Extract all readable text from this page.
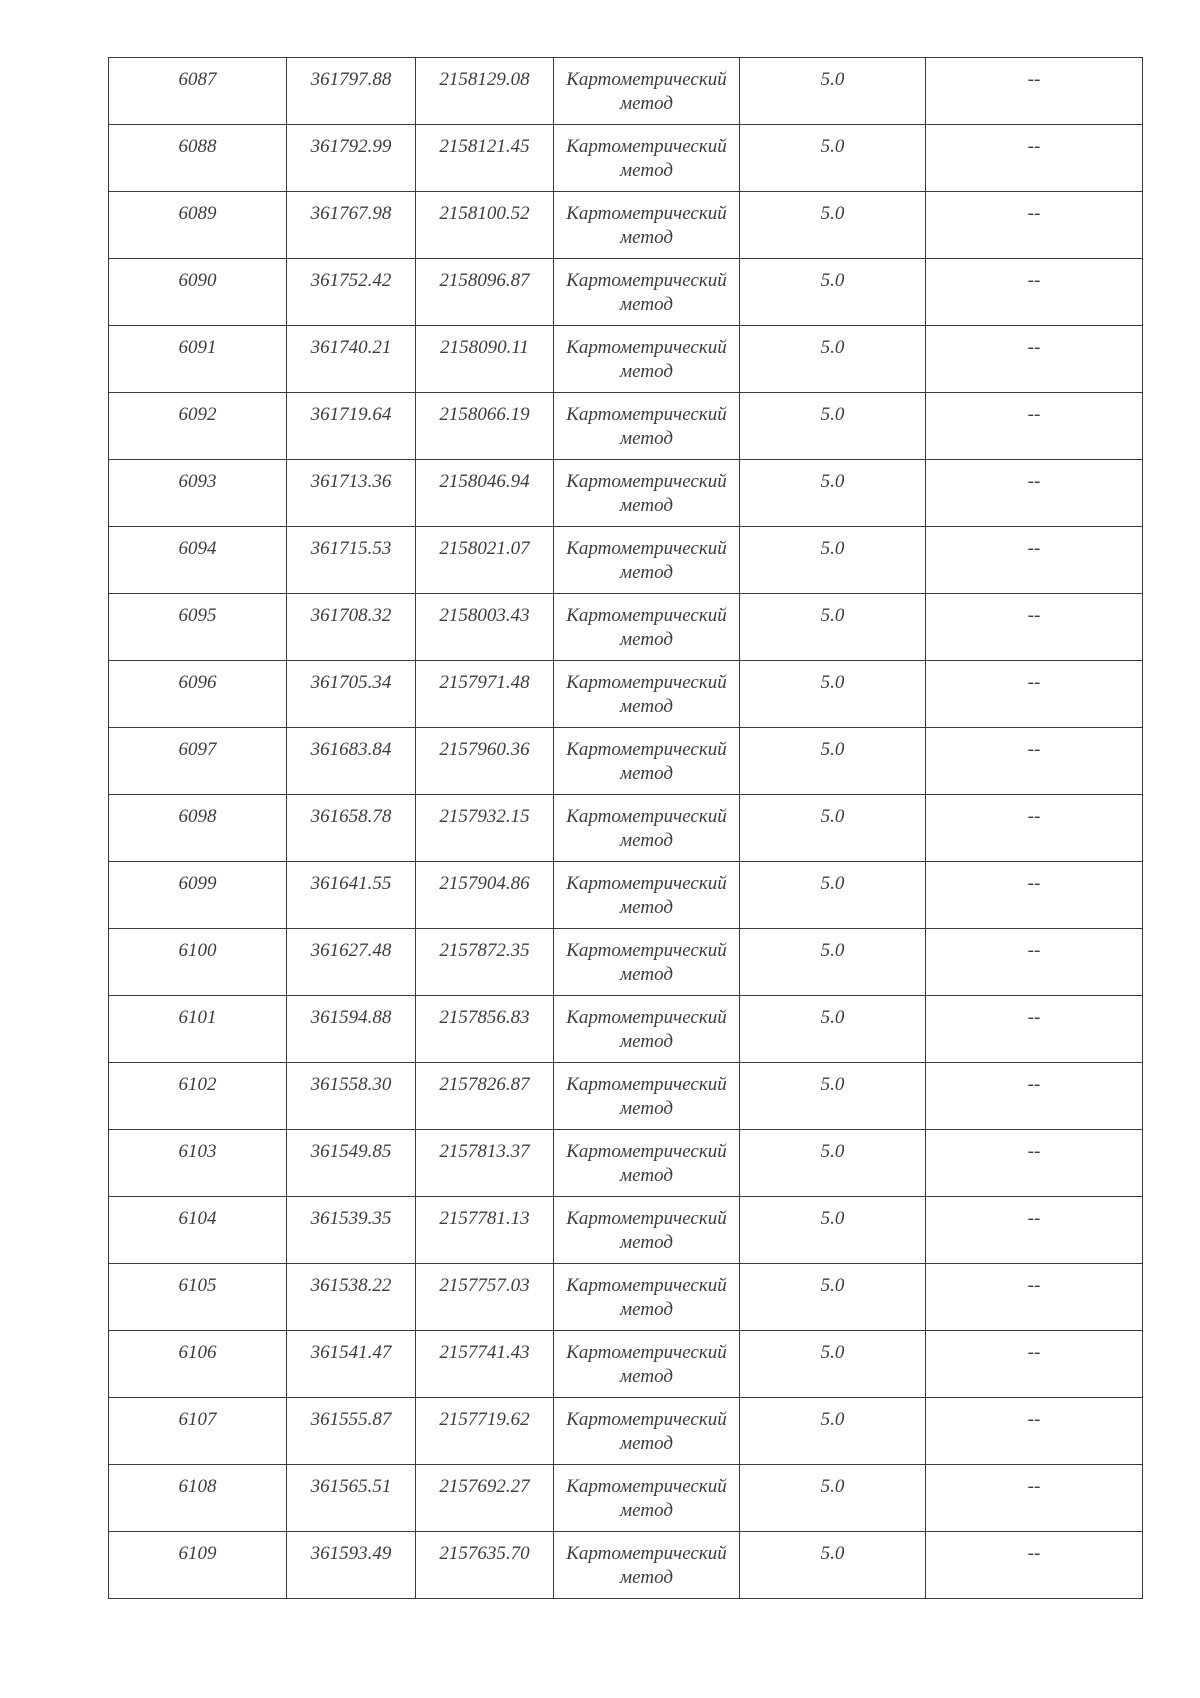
6087	361797.88	2158129.08	Картометрический метод	5.0	--

6088	361792.99	2158121.45	Картометрический метод	5.0	--

6089	361767.98	2158100.52	Картометрический метод	5.0	--

6090	361752.42	2158096.87	Картометрический метод	5.0	--

6091	361740.21	2158090.11	Картометрический метод	5.0	--

6092	361719.64	2158066.19	Картометрический метод	5.0	--

6093	361713.36	2158046.94	Картометрический метод	5.0	--

6094	361715.53	2158021.07	Картометрический метод	5.0	--

6095	361708.32	2158003.43	Картометрический метод	5.0	--

6096	361705.34	2157971.48	Картометрический метод	5.0	--

6097	361683.84	2157960.36	Картометрический метод	5.0	--

6098	361658.78	2157932.15	Картометрический метод	5.0	--

6099	361641.55	2157904.86	Картометрический метод	5.0	--

6100	361627.48	2157872.35	Картометрический метод	5.0	--

6101	361594.88	2157856.83	Картометрический метод	5.0	--

6102	361558.30	2157826.87	Картометрический метод	5.0	--

6103	361549.85	2157813.37	Картометрический метод	5.0	--

6104	361539.35	2157781.13	Картометрический метод	5.0	--

6105	361538.22	2157757.03	Картометрический метод	5.0	--

6106	361541.47	2157741.43	Картометрический метод	5.0	--

6107	361555.87	2157719.62	Картометрический метод	5.0	--

6108	361565.51	2157692.27	Картометрический метод	5.0	--

6109	361593.49	2157635.70	Картометрический метод	5.0	--
